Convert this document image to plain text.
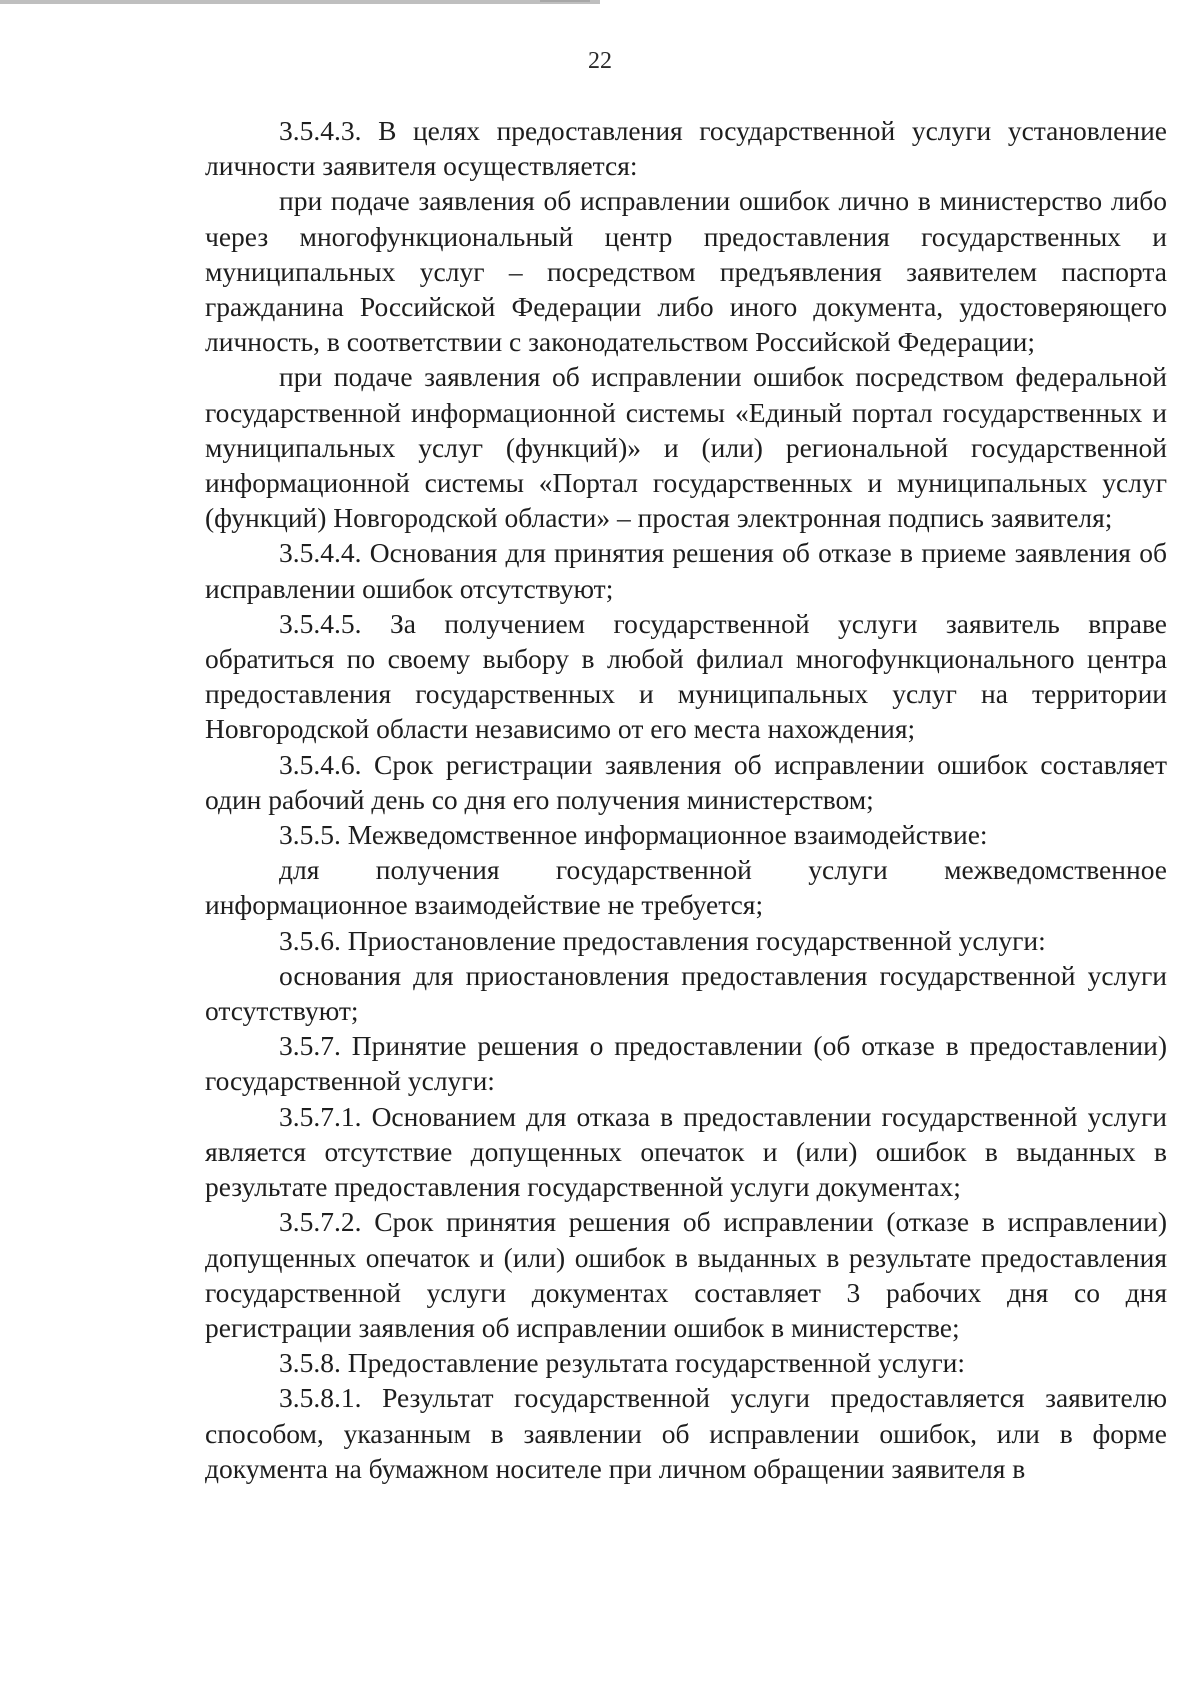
22

3.5.4.3. В целях предоставления государственной услуги установление личности заявителя осуществляется:

при подаче заявления об исправлении ошибок лично в министерство либо через многофункциональный центр предоставления государственных и муниципальных услуг – посредством предъявления заявителем паспорта гражданина Российской Федерации либо иного документа, удостоверяющего личность, в соответствии с законодательством Российской Федерации;

при подаче заявления об исправлении ошибок посредством федеральной государственной информационной системы «Единый портал государственных и муниципальных услуг (функций)» и (или) региональной государственной информационной системы «Портал государственных и муниципальных услуг (функций) Новгородской области» – простая электронная подпись заявителя;

3.5.4.4. Основания для принятия решения об отказе в приеме заявления об исправлении ошибок отсутствуют;

3.5.4.5. За получением государственной услуги заявитель вправе обратиться по своему выбору в любой филиал многофункционального центра предоставления государственных и муниципальных услуг на территории Новгородской области независимо от его места нахождения;

3.5.4.6. Срок регистрации заявления об исправлении ошибок составляет один рабочий день со дня его получения министерством;

3.5.5. Межведомственное информационное взаимодействие:

для получения государственной услуги межведомственное информационное взаимодействие не требуется;

3.5.6. Приостановление предоставления государственной услуги:

основания для приостановления предоставления государственной услуги отсутствуют;

3.5.7. Принятие решения о предоставлении (об отказе в предоставлении) государственной услуги:

3.5.7.1. Основанием для отказа в предоставлении государственной услуги является отсутствие допущенных опечаток и (или) ошибок в выданных в результате предоставления государственной услуги документах;

3.5.7.2. Срок принятия решения об исправлении (отказе в исправлении) допущенных опечаток и (или) ошибок в выданных в результате предоставления государственной услуги документах составляет 3 рабочих дня со дня регистрации заявления об исправлении ошибок в министерстве;

3.5.8. Предоставление результата государственной услуги:

3.5.8.1. Результат государственной услуги предоставляется заявителю способом, указанным в заявлении об исправлении ошибок, или в форме документа на бумажном носителе при личном обращении заявителя в
